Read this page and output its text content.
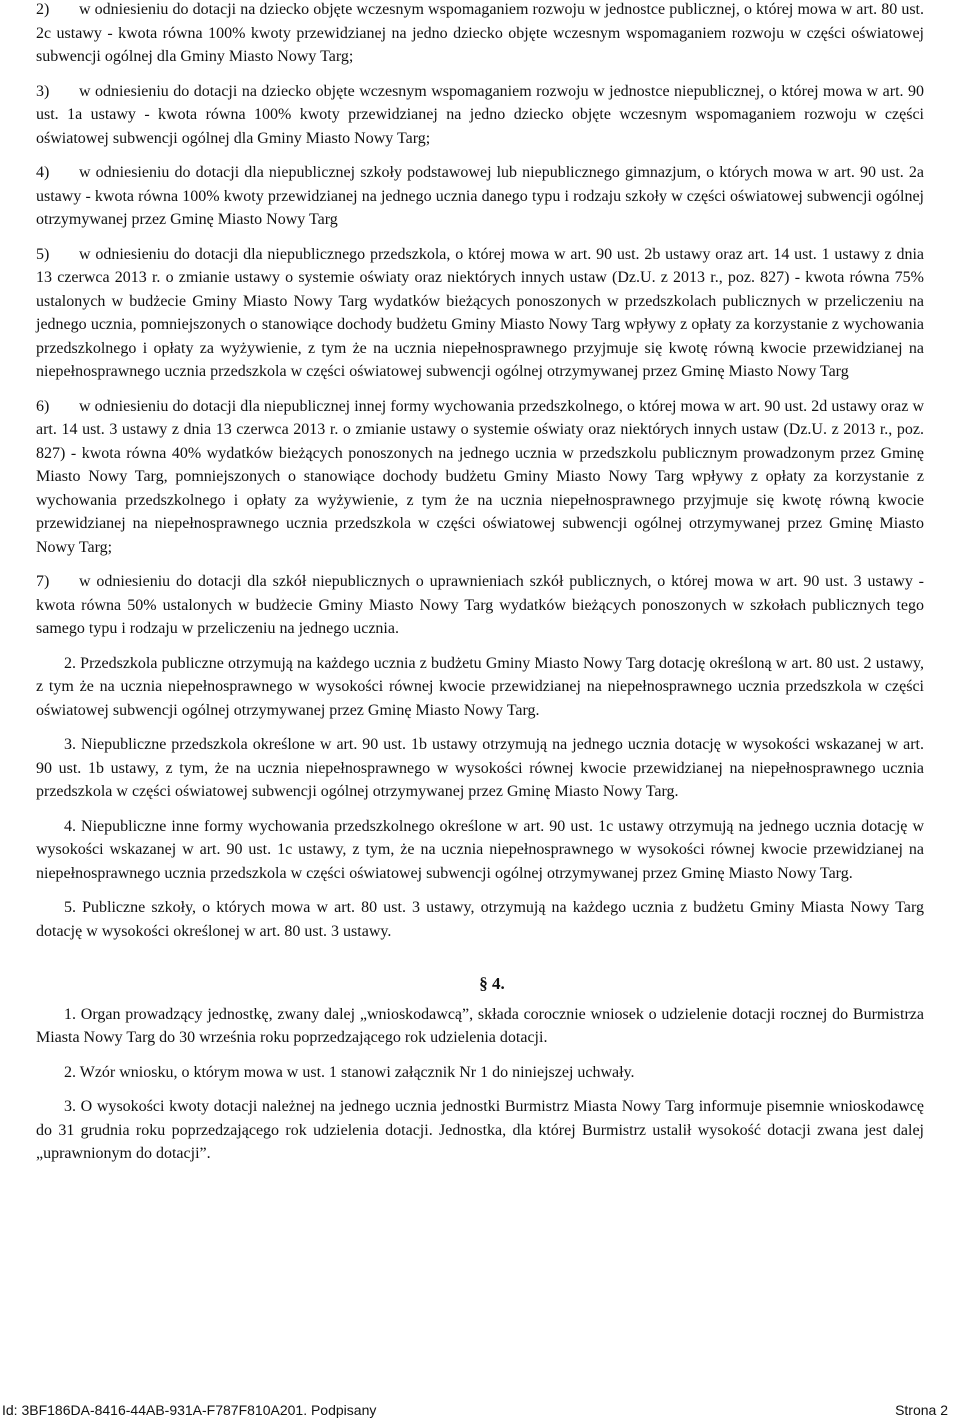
2) w odniesieniu do dotacji na dziecko objęte wczesnym wspomaganiem rozwoju w jednostce publicznej, o której mowa w art. 80 ust. 2c ustawy - kwota równa 100% kwoty przewidzianej na jedno dziecko objęte wczesnym wspomaganiem rozwoju w części oświatowej subwencji ogólnej dla Gminy Miasto Nowy Targ;
3) w odniesieniu do dotacji na dziecko objęte wczesnym wspomaganiem rozwoju w jednostce niepublicznej, o której mowa w art. 90 ust. 1a ustawy - kwota równa 100% kwoty przewidzianej na jedno dziecko objęte wczesnym wspomaganiem rozwoju w części oświatowej subwencji ogólnej dla Gminy Miasto Nowy Targ;
4) w odniesieniu do dotacji dla niepublicznej szkoły podstawowej lub niepublicznego gimnazjum, o których mowa w art. 90 ust. 2a ustawy - kwota równa 100% kwoty przewidzianej na jednego ucznia danego typu i rodzaju szkoły w części oświatowej subwencji ogólnej otrzymywanej przez Gminę Miasto Nowy Targ
5) w odniesieniu do dotacji dla niepublicznego przedszkola, o której mowa w art. 90 ust. 2b ustawy oraz art. 14 ust. 1 ustawy z dnia 13 czerwca 2013 r. o zmianie ustawy o systemie oświaty oraz niektórych innych ustaw (Dz.U. z 2013 r., poz. 827) - kwota równa 75% ustalonych w budżecie Gminy Miasto Nowy Targ wydatków bieżących ponoszonych w przedszkolach publicznych w przeliczeniu na jednego ucznia, pomniejszonych o stanowiące dochody budżetu Gminy Miasto Nowy Targ wpływy z opłaty za korzystanie z wychowania przedszkolnego i opłaty za wyżywienie, z tym że na ucznia niepełnosprawnego przyjmuje się kwotę równą kwocie przewidzianej na niepełnosprawnego ucznia przedszkola w części oświatowej subwencji ogólnej otrzymywanej przez Gminę Miasto Nowy Targ
6) w odniesieniu do dotacji dla niepublicznej innej formy wychowania przedszkolnego, o której mowa w art. 90 ust. 2d ustawy oraz w art. 14 ust. 3 ustawy z dnia 13 czerwca 2013 r. o zmianie ustawy o systemie oświaty oraz niektórych innych ustaw (Dz.U. z 2013 r., poz. 827) - kwota równa 40% wydatków bieżących ponoszonych na jednego ucznia w przedszkolu publicznym prowadzonym przez Gminę Miasto Nowy Targ, pomniejszonych o stanowiące dochody budżetu Gminy Miasto Nowy Targ wpływy z opłaty za korzystanie z wychowania przedszkolnego i opłaty za wyżywienie, z tym że na ucznia niepełnosprawnego przyjmuje się kwotę równą kwocie przewidzianej na niepełnosprawnego ucznia przedszkola w części oświatowej subwencji ogólnej otrzymywanej przez Gminę Miasto Nowy Targ;
7) w odniesieniu do dotacji dla szkół niepublicznych o uprawnieniach szkół publicznych, o której mowa w art. 90 ust. 3 ustawy - kwota równa 50% ustalonych w budżecie Gminy Miasto Nowy Targ wydatków bieżących ponoszonych w szkołach publicznych tego samego typu i rodzaju w przeliczeniu na jednego ucznia.

2. Przedszkola publiczne otrzymują na każdego ucznia z budżetu Gminy Miasto Nowy Targ dotację określoną w art. 80 ust. 2 ustawy, z tym że na ucznia niepełnosprawnego w wysokości równej kwocie przewidzianej na niepełnosprawnego ucznia przedszkola w części oświatowej subwencji ogólnej otrzymywanej przez Gminę Miasto Nowy Targ.

3. Niepubliczne przedszkola określone w art. 90 ust. 1b ustawy otrzymują na jednego ucznia dotację w wysokości wskazanej w art. 90 ust. 1b ustawy, z tym, że na ucznia niepełnosprawnego w wysokości równej kwocie przewidzianej na niepełnosprawnego ucznia przedszkola w części oświatowej subwencji ogólnej otrzymywanej przez Gminę Miasto Nowy Targ.

4. Niepubliczne inne formy wychowania przedszkolnego określone w art. 90 ust. 1c ustawy otrzymują na jednego ucznia dotację w wysokości wskazanej w art. 90 ust. 1c ustawy, z tym, że na ucznia niepełnosprawnego w wysokości równej kwocie przewidzianej na niepełnosprawnego ucznia przedszkola w części oświatowej subwencji ogólnej otrzymywanej przez Gminę Miasto Nowy Targ.

5. Publiczne szkoły, o których mowa w art. 80 ust. 3 ustawy, otrzymują na każdego ucznia z budżetu Gminy Miasta Nowy Targ dotację w wysokości określonej w art. 80 ust. 3 ustawy.

§ 4.

1. Organ prowadzący jednostkę, zwany dalej „wnioskodawcą”, składa corocznie wniosek o udzielenie dotacji rocznej do Burmistrza Miasta Nowy Targ do 30 września roku poprzedzającego rok udzielenia dotacji.

2. Wzór wniosku, o którym mowa w ust. 1 stanowi załącznik Nr 1 do niniejszej uchwały.

3. O wysokości kwoty dotacji należnej na jednego ucznia jednostki Burmistrz Miasta Nowy Targ informuje pisemnie wnioskodawcę do 31 grudnia roku poprzedzającego rok udzielenia dotacji. Jednostka, dla której Burmistrz ustalił wysokość dotacji zwana jest dalej „uprawnionym do dotacji”.

Id: 3BF186DA-8416-44AB-931A-F787F810A201. Podpisany	Strona 2
